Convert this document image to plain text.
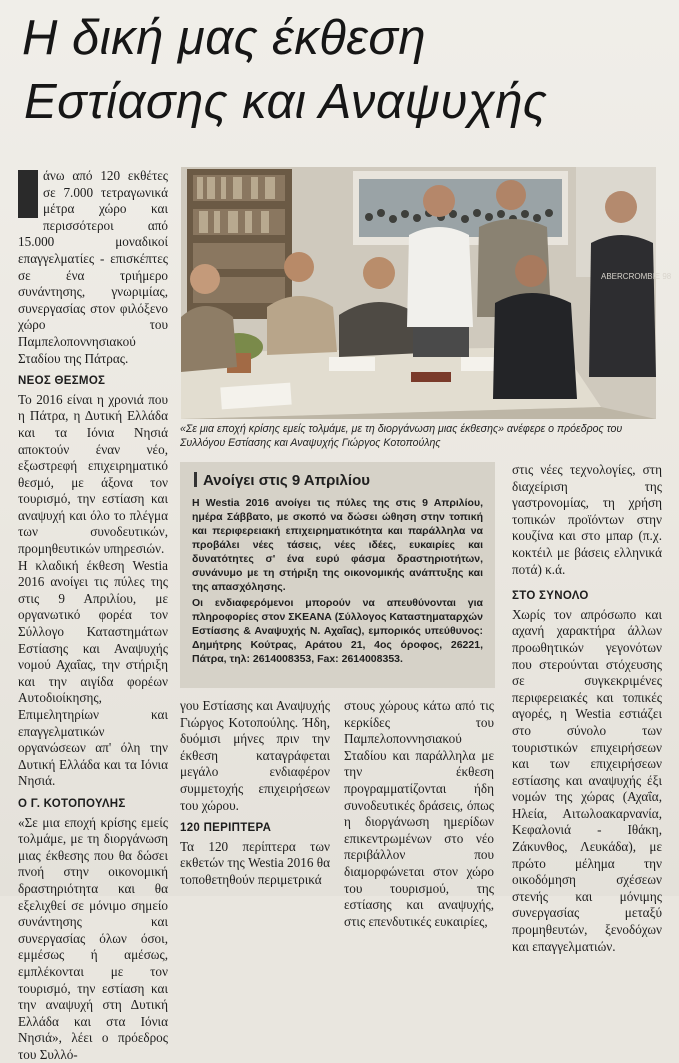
Η δική μας έκθεση
Εστίασης και Αναψυχής

άνω από 120 εκθέτες σε 7.000 τετραγωνικά μέτρα χώρο και περισσότεροι από 15.000 μοναδικοί επαγγελματίες - επισκέπτες σε ένα τριήμερο συνάντησης, γνωριμίας, συνεργασίας στον φιλόξενο χώρο του Παμπελοποννησιακού Σταδίου της Πάτρας.

ΝΕΟΣ ΘΕΣΜΟΣ

Το 2016 είναι η χρονιά που η Πάτρα, η Δυτική Ελλάδα και τα Ιόνια Νησιά αποκτούν έναν νέο, εξωστρεφή επιχειρηματικό θεσμό, με άξονα τον τουρισμό, την εστίαση και αναψυχή και όλο το πλέγμα των συνοδευτικών, προμηθευτικών υπηρεσιών.

Η κλαδική έκθεση Westia 2016 ανοίγει τις πύλες της στις 9 Απριλίου, με οργανωτικό φορέα τον Σύλλογο Καταστημάτων Εστίασης και Αναψυχής νομού Αχαΐας, την στήριξη και την αιγίδα φορέων Αυτοδιοίκησης, Επιμελητηρίων και επαγγελματικών οργανώσεων απ' όλη την Δυτική Ελλάδα και τα Ιόνια Νησιά.

Ο Γ. ΚΟΤΟΠΟΥΛΗΣ

«Σε μια εποχή κρίσης εμείς τολμάμε, με τη διοργάνωση μιας έκθεσης που θα δώσει πνοή στην οικονομική δραστηριότητα και θα εξελιχθεί σε μόνιμο σημείο συνάντησης και συνεργασίας όλων όσοι, εμμέσως ή αμέσως, εμπλέκονται με τον τουρισμό, την εστίαση και την αναψυχή στη Δυτική Ελλάδα και στα Ιόνια Νησιά», λέει ο πρόεδρος του Συλλό-

ABERCROMBIE 98
«Σε μια εποχή κρίσης εμείς τολμάμε, με τη διοργάνωση μιας έκθεσης» ανέφερε ο πρόεδρος του Συλλόγου Εστίασης και Αναψυχής Γιώργος Κοτοπούλης
Ανοίγει στις 9 Απριλίου

Η Westia 2016 ανοίγει τις πύλες της στις 9 Απριλίου, ημέρα Σάββατο, με σκοπό να δώσει ώθηση στην τοπική και περιφερειακή επιχειρηματικότητα και παράλληλα να προβάλει νέες τάσεις, νέες ιδέες, ευκαιρίες και δυνατότητες σ' ένα ευρύ φάσμα δραστηριοτήτων, συνάνυμο με τη στήριξη της οικονομικής ανάπτυξης και της απασχόλησης.

Οι ενδιαφερόμενοι μπορούν να απευθύνονται για πληροφορίες στον ΣΚΕΑΝΑ (Σύλλογος Καταστηματαρχών Εστίασης & Αναψυχής Ν. Αχαΐας), εμπορικός υπεύθυνος: Δημήτρης Κούτρας, Αράτου 21, 4ος όροφος, 26221, Πάτρα, τηλ: 2614008353, Fax: 2614008353.

γου Εστίασης και Αναψυχής Γιώργος Κοτοπούλης. Ήδη, δυόμισι μήνες πριν την έκθεση καταγράφεται μεγάλο ενδιαφέρον συμμετοχής επιχειρήσεων του χώρου.

120 ΠΕΡΙΠΤΕΡΑ

Τα 120 περίπτερα των εκθετών της Westia 2016 θα τοποθετηθούν περιμετρικά

στους χώρους κάτω από τις κερκίδες του Παμπελοποννησιακού Σταδίου και παράλληλα με την έκθεση προγραμματίζονται ήδη συνοδευτικές δράσεις, όπως η διοργάνωση ημερίδων επικεντρωμένων στο νέο περιβάλλον που διαμορφώνεται στον χώρο του τουρισμού, της εστίασης και αναψυχής, στις επενδυτικές ευκαιρίες,

στις νέες τεχνολογίες, στη διαχείριση της γαστρονομίας, τη χρήση τοπικών προϊόντων στην κουζίνα και στο μπαρ (π.χ. κοκτέιλ με βάσεις ελληνικά ποτά) κ.ά.

ΣΤΟ ΣΥΝΟΛΟ

Χωρίς τον απρόσωπο και αχανή χαρακτήρα άλλων προωθητικών γεγονότων που στερούνται στόχευσης σε συγκεκριμένες περιφερειακές και τοπικές αγορές, η Westia εστιάζει στο σύνολο των τουριστικών επιχειρήσεων και των επιχειρήσεων εστίασης και αναψυχής έξι νομών της χώρας (Αχαΐα, Ηλεία, Αιτωλοακαρνανία, Κεφαλονιά - Ιθάκη, Ζάκυνθος, Λευκάδα), με πρώτο μέλημα την οικοδόμηση σχέσεων στενής και μόνιμης συνεργασίας μεταξύ προμηθευτών, ξενοδόχων και επαγγελματιών.
